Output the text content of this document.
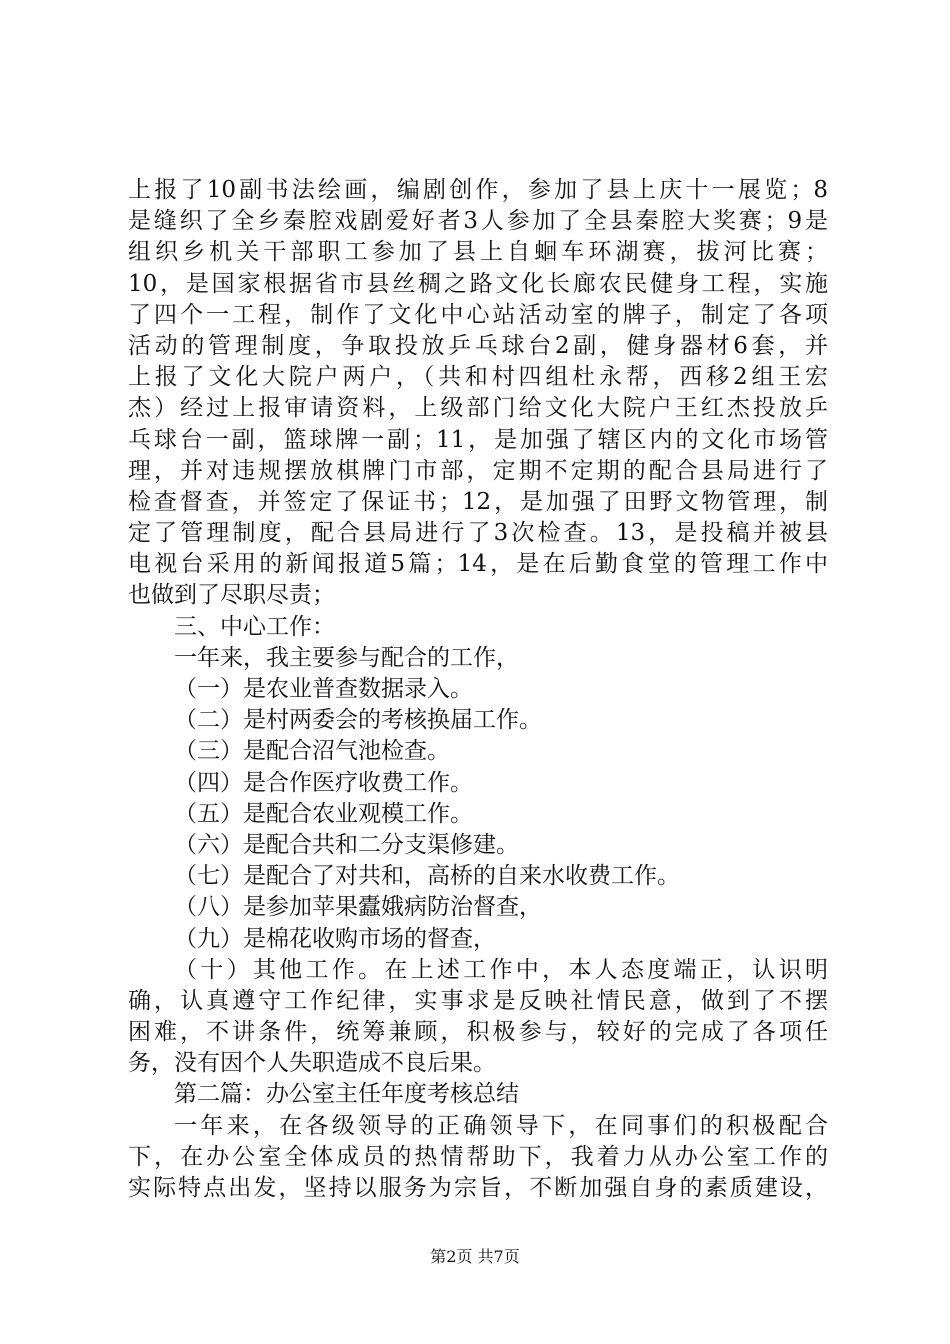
上报了10副书法绘画，编剧创作，参加了县上庆十一展览；8
是缝织了全乡秦腔戏剧爱好者3人参加了全县秦腔大奖赛；9是
组织乡机关干部职工参加了县上自蛔车环湖赛，拔河比赛；
10，是国家根据省市县丝稠之路文化长廊农民健身工程，实施
了四个一工程，制作了文化中心站活动室的牌子，制定了各项
活动的管理制度，争取投放乒乓球台2副，健身器材6套，并
上报了文化大院户两户，（共和村四组杜永帮，西移2组王宏
杰）经过上报审请资料，上级部门给文化大院户王红杰投放乒
乓球台一副，篮球牌一副；11，是加强了辖区内的文化市场管
理，并对违规摆放棋牌门市部，定期不定期的配合县局进行了
检查督查，并签定了保证书；12，是加强了田野文物管理，制
定了管理制度，配合县局进行了3次检查。13，是投稿并被县
电视台采用的新闻报道5篇；14，是在后勤食堂的管理工作中
也做到了尽职尽责；
三、中心工作：
一年来，我主要参与配合的工作，
（一）是农业普查数据录入。
（二）是村两委会的考核换届工作。
（三）是配合沼气池检查。
（四）是合作医疗收费工作。
（五）是配合农业观模工作。
（六）是配合共和二分支渠修建。
（七）是配合了对共和，高桥的自来水收费工作。
（八）是参加苹果蠹娥病防治督查，
（九）是棉花收购市场的督查，
（十）其他工作。在上述工作中，本人态度端正，认识明
确，认真遵守工作纪律，实事求是反映社情民意，做到了不摆
困难，不讲条件，统筹兼顾，积极参与，较好的完成了各项任
务，没有因个人失职造成不良后果。
第二篇：办公室主任年度考核总结
一年来，在各级领导的正确领导下，在同事们的积极配合
下，在办公室全体成员的热情帮助下，我着力从办公室工作的
实际特点出发，坚持以服务为宗旨，不断加强自身的素质建设，
第2页 共7页
